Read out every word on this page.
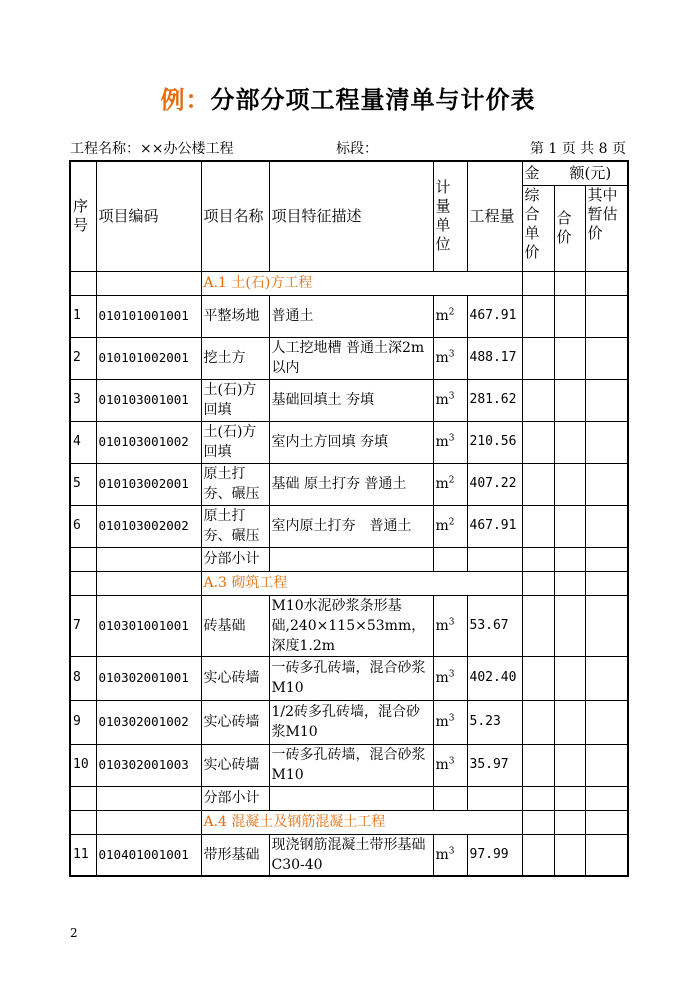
例：分部分项工程量清单与计价表
工程名称：××办公楼工程	标段：	第 1 页 共 8 页
序号	项目编码	项目名称	项目特征描述	计量单位	工程量	金　　额(元)		

						综合单价	合价	其中暂估价

		A.1 土(石)方工程						
1	010101001001	平整场地	普通土	$m^2$	467.91			
2	010101002001	挖土方	人工挖地槽 普通土深2m以内	$m^3$	488.17			
3	010103001001	土(石)方回填	基础回填土 夯填	$m^3$	281.62			
4	010103001002	土(石)方回填	室内土方回填 夯填	$m^3$	210.56			
5	010103002001	原土打夯、碾压	基础 原土打夯 普通土	$m^2$	407.22			
6	010103002002	原土打夯、碾压	室内原土打夯　普通土	$m^2$	467.91			
		分部小计						
		A.3 砌筑工程						
7	010301001001	砖基础	M10水泥砂浆条形基础,240×115×53mm，深度1.2m	$m^3$	53.67			
8	010302001001	实心砖墙	一砖多孔砖墙，混合砂浆M10	$m^3$	402.40			
9	010302001002	实心砖墙	1/2砖多孔砖墙，混合砂浆M10	$m^3$	5.23			
10	010302001003	实心砖墙	一砖多孔砖墙，混合砂浆M10	$m^3$	35.97			
		分部小计						
		A.4 混凝土及钢筋混凝土工程						
11	010401001001	带形基础	现浇钢筋混凝土带形基础C30-40	$m^3$	97.99			
2
